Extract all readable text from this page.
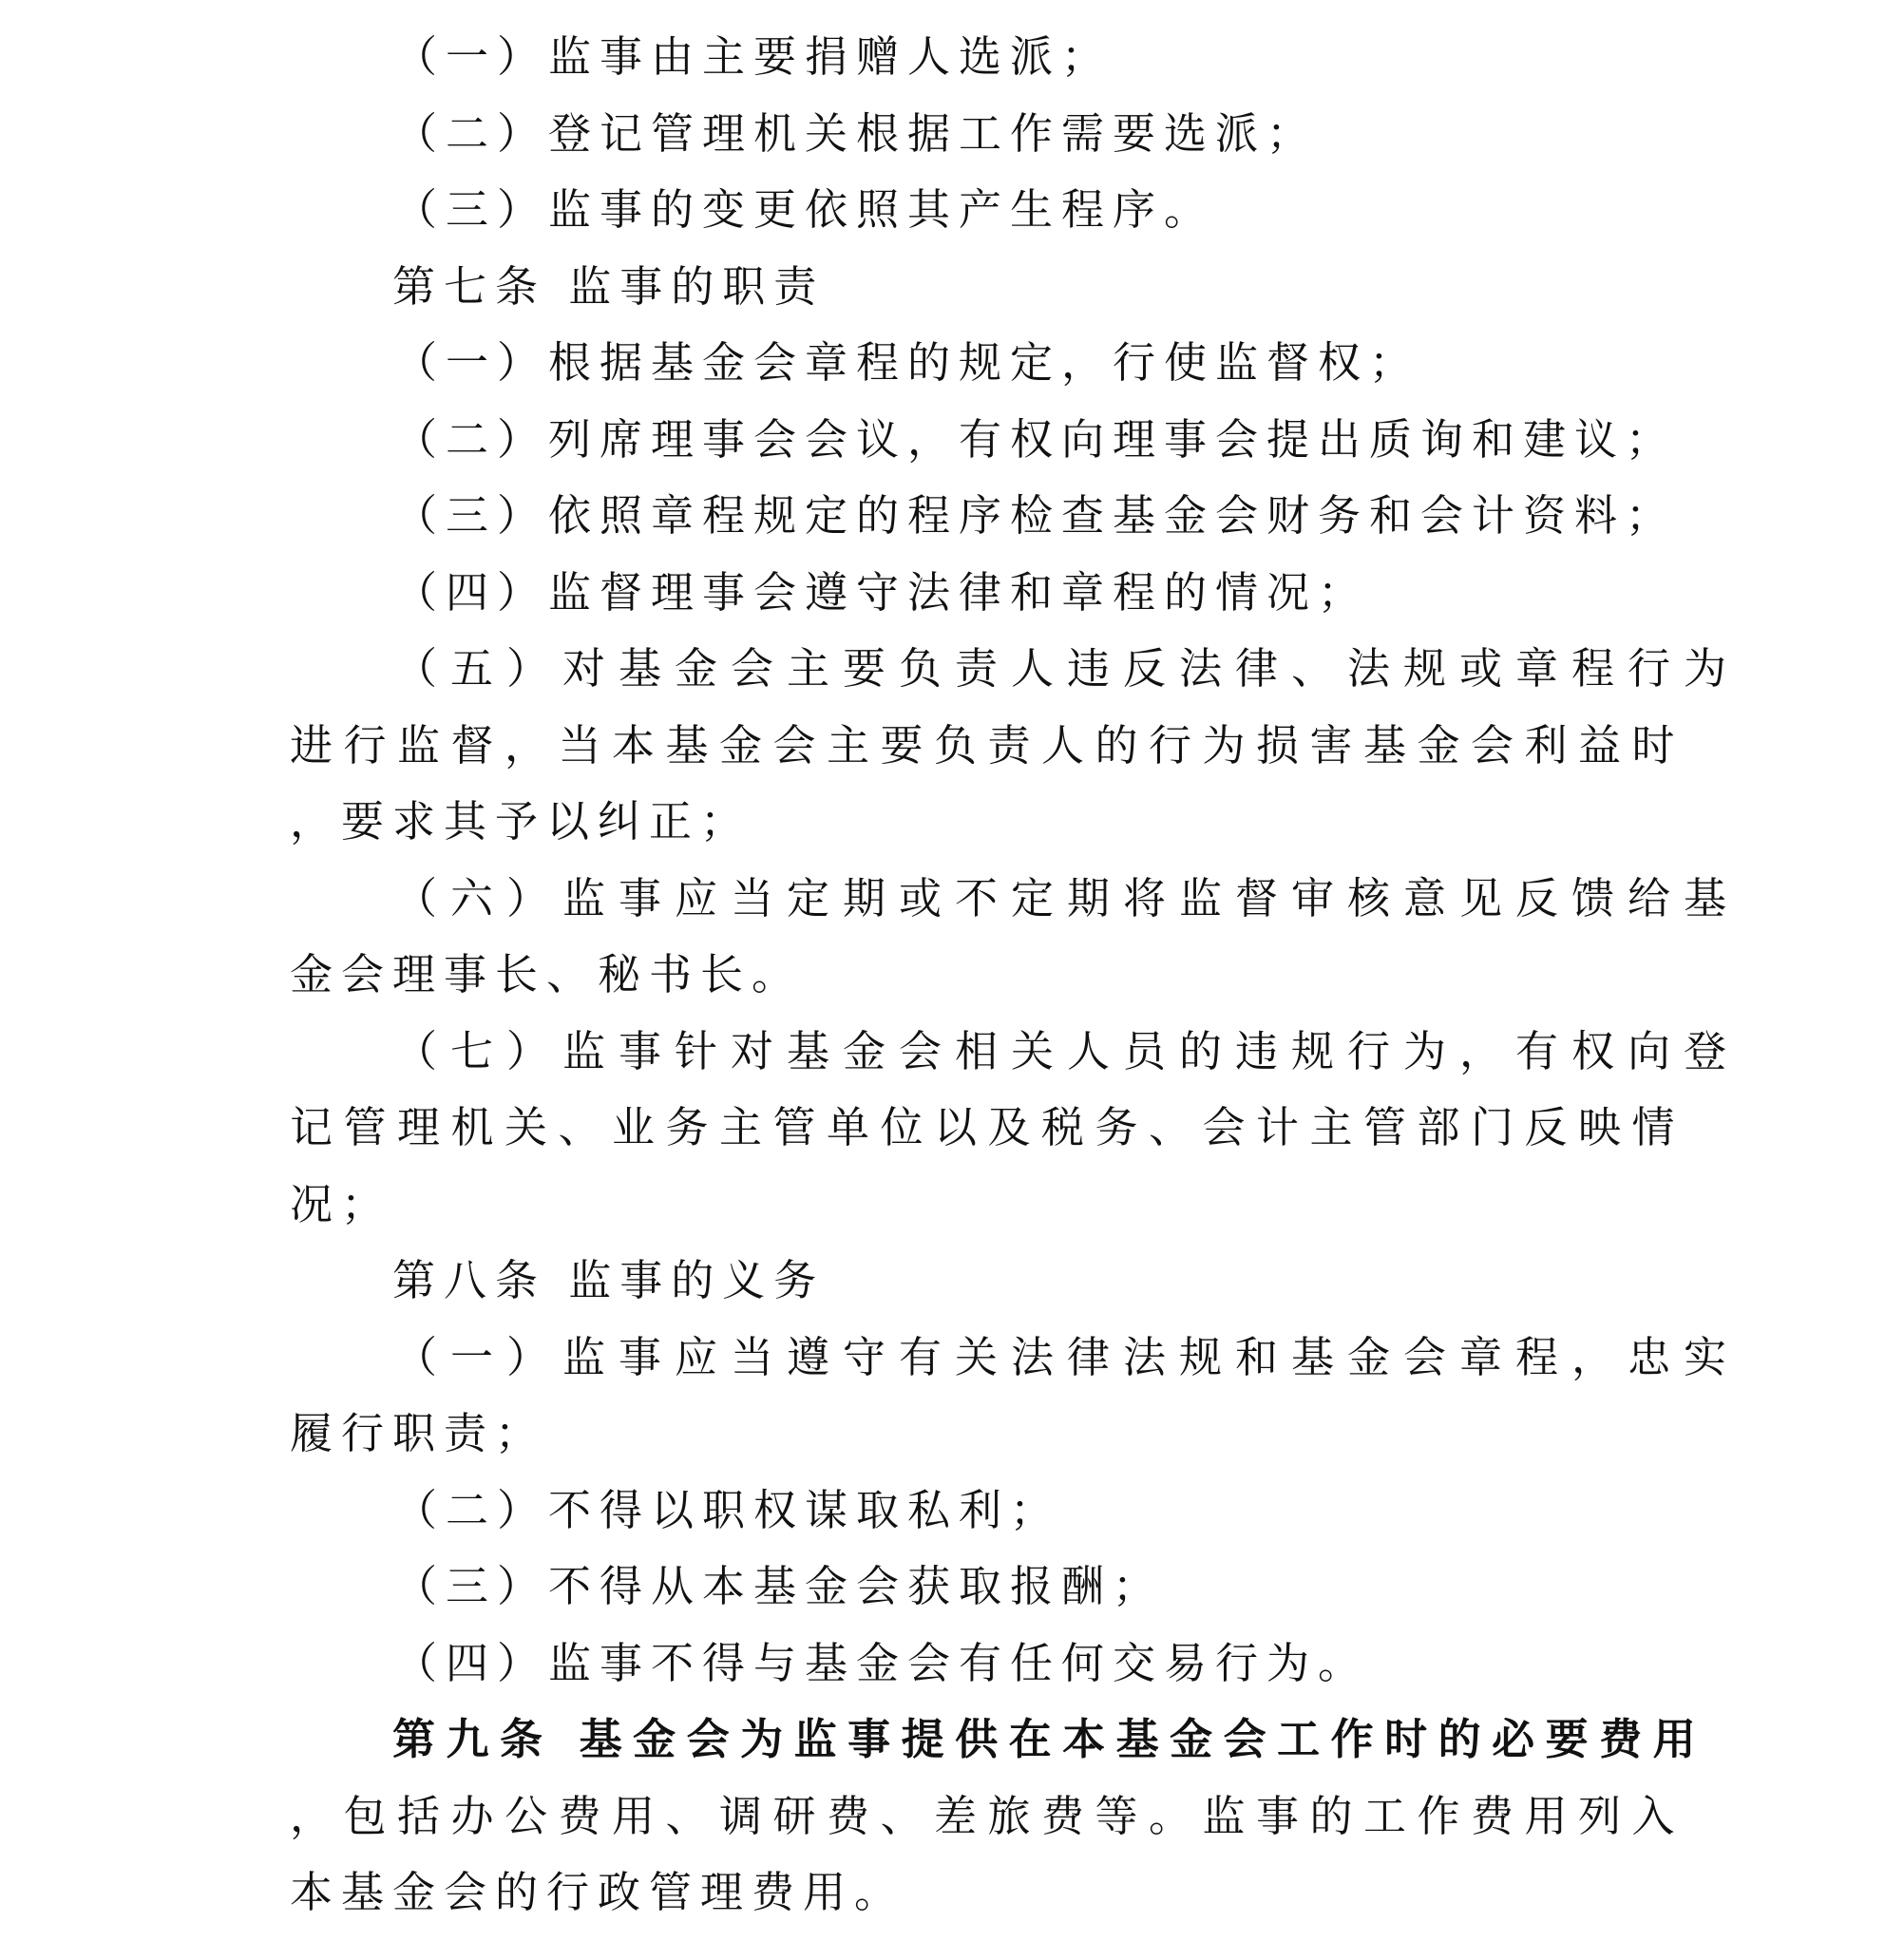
（一）监事由主要捐赠人选派；
（二）登记管理机关根据工作需要选派；
（三）监事的变更依照其产生程序。
第七条 监事的职责
（一）根据基金会章程的规定，行使监督权；
（二）列席理事会会议，有权向理事会提出质询和建议；
（三）依照章程规定的程序检查基金会财务和会计资料；
（四）监督理事会遵守法律和章程的情况；
（五）对基金会主要负责人违反法律、法规或章程行为
进行监督，当本基金会主要负责人的行为损害基金会利益时
，要求其予以纠正；
（六）监事应当定期或不定期将监督审核意见反馈给基
金会理事长、秘书长。
（七）监事针对基金会相关人员的违规行为，有权向登
记管理机关、业务主管单位以及税务、会计主管部门反映情
况；
第八条 监事的义务
（一）监事应当遵守有关法律法规和基金会章程，忠实
履行职责；
（二）不得以职权谋取私利；
（三）不得从本基金会获取报酬；
（四）监事不得与基金会有任何交易行为。
第九条 基金会为监事提供在本基金会工作时的必要费用
，包括办公费用、调研费、差旅费等。监事的工作费用列入
本基金会的行政管理费用。
